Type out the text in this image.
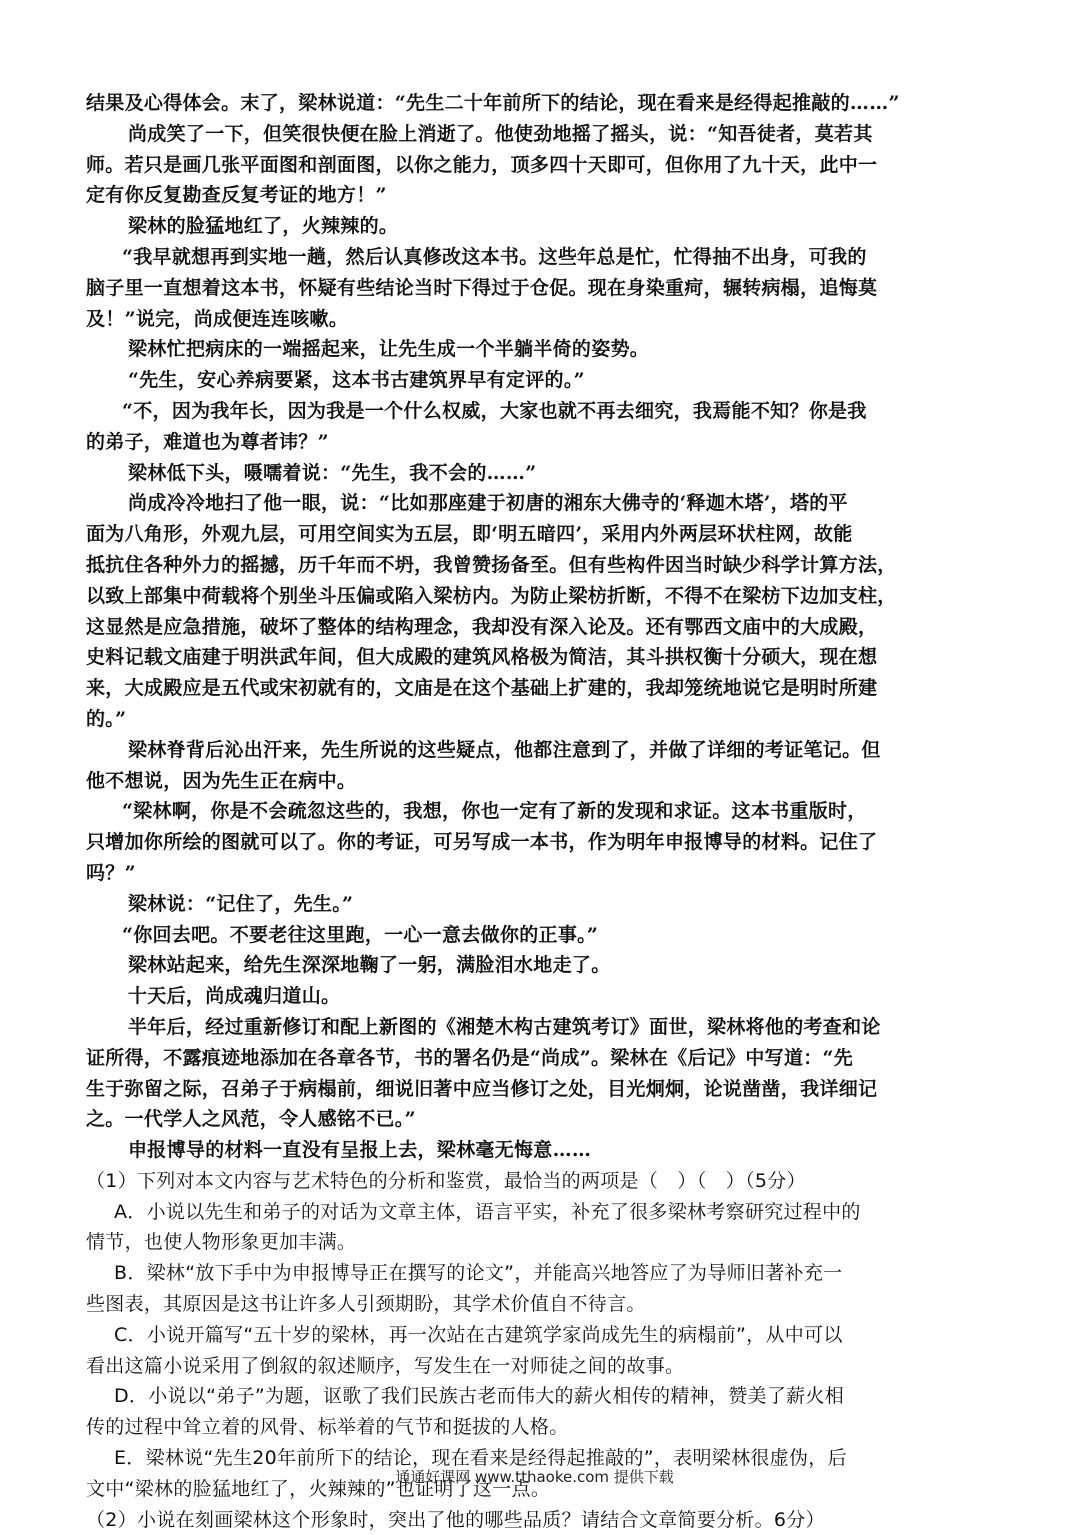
结果及心得体会。末了，梁林说道：“先生二十年前所下的结论，现在看来是经得起推敲的……”
尚成笑了一下，但笑很快便在脸上消逝了。他使劲地摇了摇头，说：“知吾徒者，莫若其
师。若只是画几张平面图和剖面图，以你之能力，顶多四十天即可，但你用了九十天，此中一
定有你反复勘查反复考证的地方！”
梁林的脸猛地红了，火辣辣的。
“我早就想再到实地一趟，然后认真修改这本书。这些年总是忙，忙得抽不出身，可我的
脑子里一直想着这本书，怀疑有些结论当时下得过于仓促。现在身染重疴，辗转病榻，追悔莫
及！”说完，尚成便连连咳嗽。
梁林忙把病床的一端摇起来，让先生成一个半躺半倚的姿势。
“先生，安心养病要紧，这本书古建筑界早有定评的。”
“不，因为我年长，因为我是一个什么权威，大家也就不再去细究，我焉能不知？你是我
的弟子，难道也为尊者讳？”
梁林低下头，嗫嚅着说：“先生，我不会的……”
尚成冷冷地扫了他一眼，说：“比如那座建于初唐的湘东大佛寺的‘释迦木塔’，塔的平
面为八角形，外观九层，可用空间实为五层，即‘明五暗四’，采用内外两层环状柱网，故能
抵抗住各种外力的摇撼，历千年而不坍，我曾赞扬备至。但有些构件因当时缺少科学计算方法，
以致上部集中荷载将个别坐斗压偏或陷入梁枋内。为防止梁枋折断，不得不在梁枋下边加支柱，
这显然是应急措施，破坏了整体的结构理念，我却没有深入论及。还有鄂西文庙中的大成殿，
史料记载文庙建于明洪武年间，但大成殿的建筑风格极为简洁，其斗拱权衡十分硕大，现在想
来，大成殿应是五代或宋初就有的，文庙是在这个基础上扩建的，我却笼统地说它是明时所建
的。”
梁林脊背后沁出汗来，先生所说的这些疑点，他都注意到了，并做了详细的考证笔记。但
他不想说，因为先生正在病中。
“梁林啊，你是不会疏忽这些的，我想，你也一定有了新的发现和求证。这本书重版时，
只增加你所绘的图就可以了。你的考证，可另写成一本书，作为明年申报博导的材料。记住了
吗？”
梁林说：“记住了，先生。”
“你回去吧。不要老往这里跑，一心一意去做你的正事。”
梁林站起来，给先生深深地鞠了一躬，满脸泪水地走了。
十天后，尚成魂归道山。
半年后，经过重新修订和配上新图的《湘楚木构古建筑考订》面世，梁林将他的考查和论
证所得，不露痕迹地添加在各章各节，书的署名仍是“尚成”。梁林在《后记》中写道：“先
生于弥留之际，召弟子于病榻前，细说旧著中应当修订之处，目光炯炯，论说凿凿，我详细记
之。一代学人之风范，令人感铭不已。”
申报博导的材料一直没有呈报上去，梁林毫无悔意……
（1）下列对本文内容与艺术特色的分析和鉴赏，最恰当的两项是（　）（　）（5分）
A．小说以先生和弟子的对话为文章主体，语言平实，补充了很多梁林考察研究过程中的
情节，也使人物形象更加丰满。
B．梁林“放下手中为申报博导正在撰写的论文”，并能高兴地答应了为导师旧著补充一
些图表，其原因是这书让许多人引颈期盼，其学术价值自不待言。
C．小说开篇写“五十岁的梁林，再一次站在古建筑学家尚成先生的病榻前”，从中可以
看出这篇小说采用了倒叙的叙述顺序，写发生在一对师徒之间的故事。
D．小说以“弟子”为题，讴歌了我们民族古老而伟大的薪火相传的精神，赞美了薪火相
传的过程中耸立着的风骨、标举着的气节和挺拔的人格。
E．梁林说“先生20年前所下的结论，现在看来是经得起推敲的”，表明梁林很虚伪，后
文中“梁林的脸猛地红了，火辣辣的”也证明了这一点。
（2）小说在刻画梁林这个形象时，突出了他的哪些品质？请结合文章简要分析。6分）
通通好课网 www.tthaoke.com 提供下载
